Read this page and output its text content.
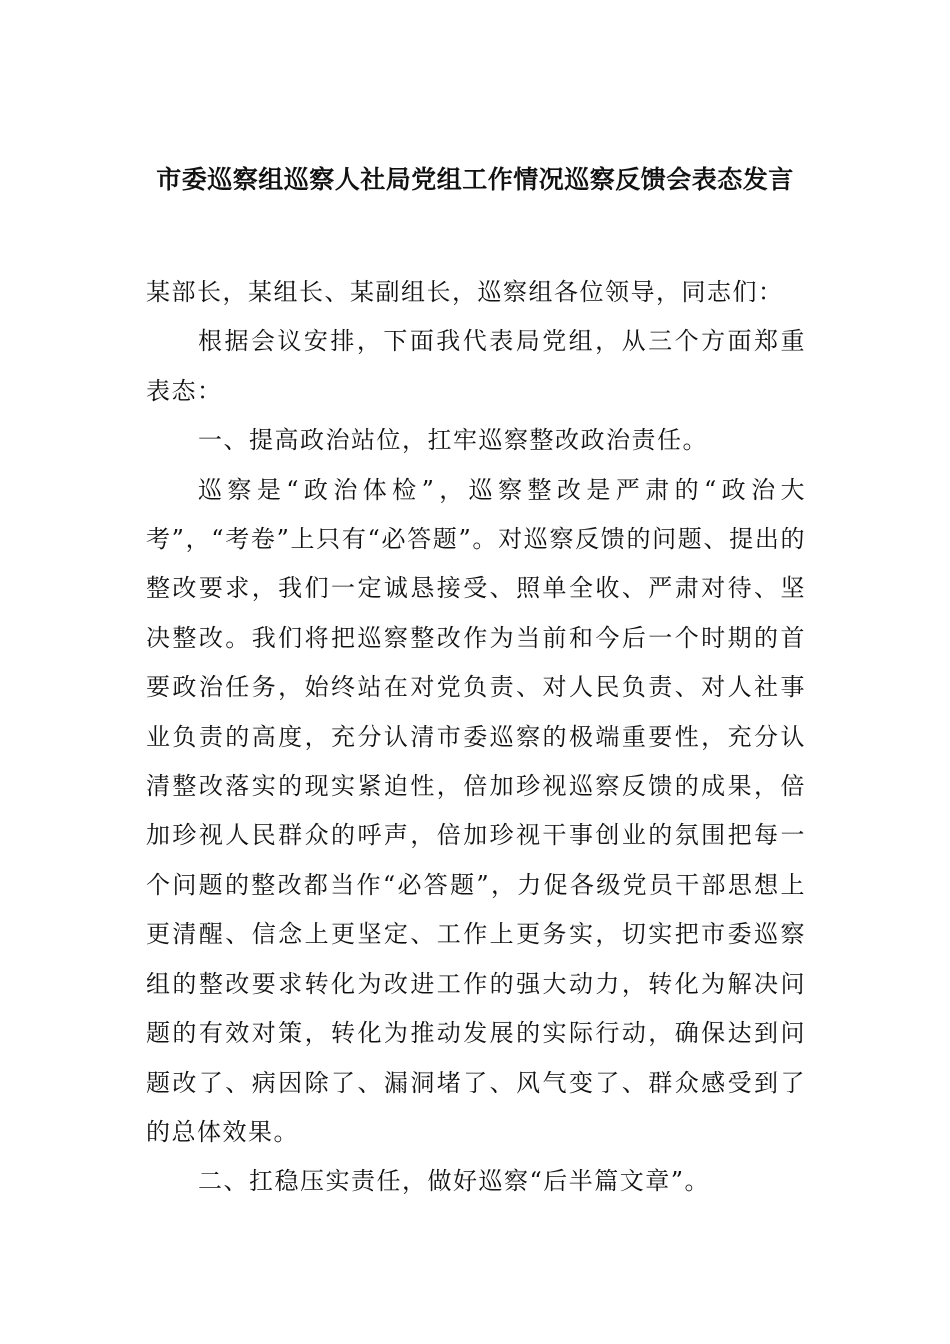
市委巡察组巡察人社局党组工作情况巡察反馈会表态发言

某部长，某组长、某副组长，巡察组各位领导，同志们：

根据会议安排，下面我代表局党组，从三个方面郑重表态：

一、提高政治站位，扛牢巡察整改政治责任。

巡察是“政治体检”，巡察整改是严肃的“政治大考”，“考卷”上只有“必答题”。对巡察反馈的问题、提出的整改要求，我们一定诚恳接受、照单全收、严肃对待、坚决整改。我们将把巡察整改作为当前和今后一个时期的首要政治任务，始终站在对党负责、对人民负责、对人社事业负责的高度，充分认清市委巡察的极端重要性，充分认清整改落实的现实紧迫性，倍加珍视巡察反馈的成果，倍加珍视人民群众的呼声，倍加珍视干事创业的氛围把每一个问题的整改都当作“必答题”，力促各级党员干部思想上更清醒、信念上更坚定、工作上更务实，切实把市委巡察组的整改要求转化为改进工作的强大动力，转化为解决问题的有效对策，转化为推动发展的实际行动，确保达到问题改了、病因除了、漏洞堵了、风气变了、群众感受到了的总体效果。

二、扛稳压实责任，做好巡察“后半篇文章”。
